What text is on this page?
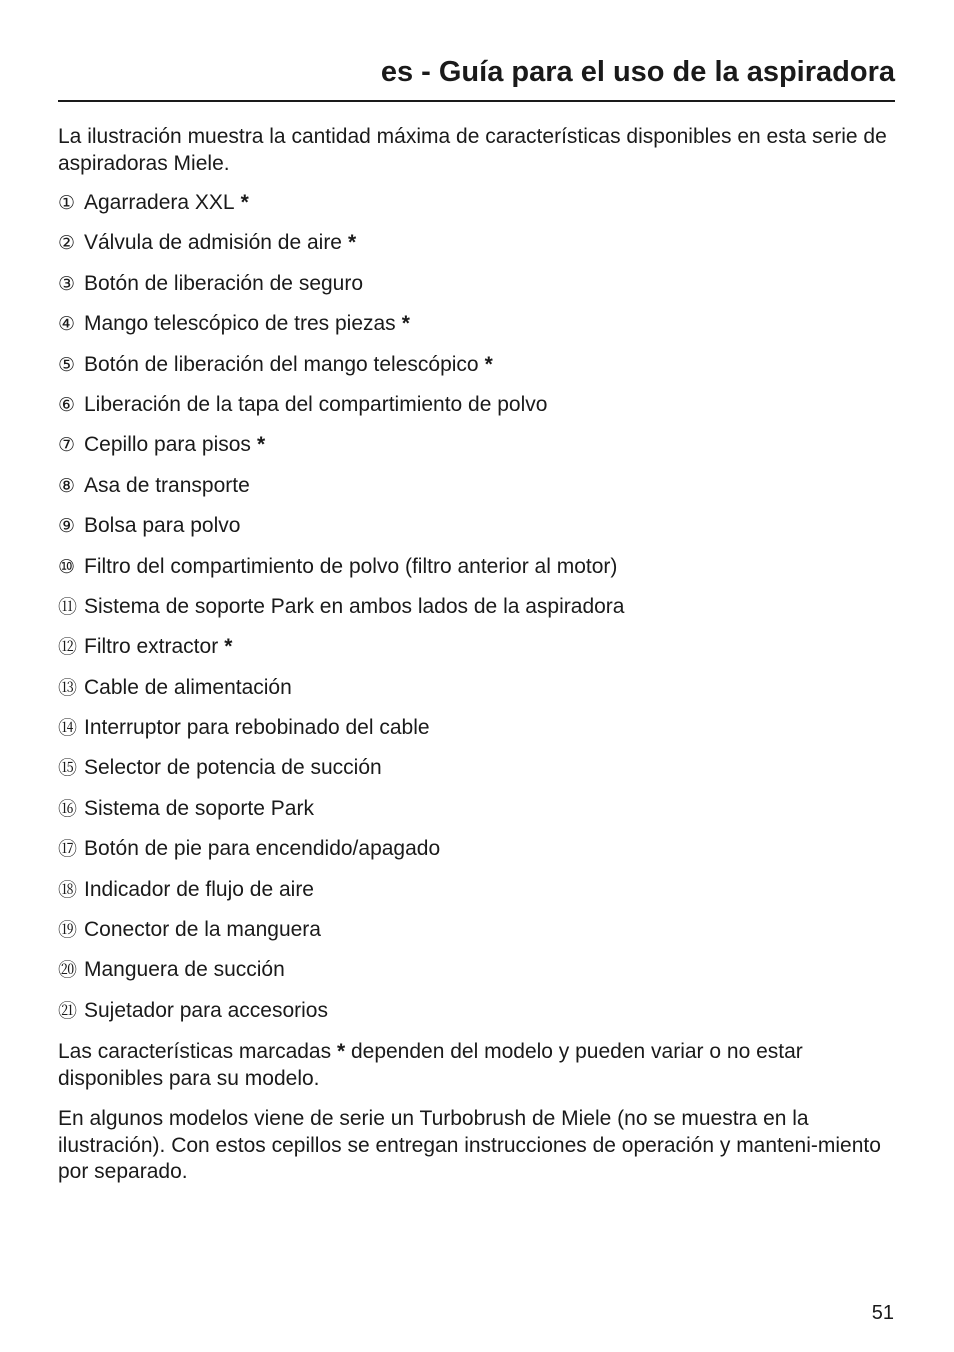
es - Guía para el uso de la aspiradora

La ilustración muestra la cantidad máxima de características disponibles en esta serie de aspiradoras Miele.

① Agarradera XXL *
② Válvula de admisión de aire *
③ Botón de liberación de seguro
④ Mango telescópico de tres piezas *
⑤ Botón de liberación del mango telescópico *
⑥ Liberación de la tapa del compartimiento de polvo
⑦ Cepillo para pisos *
⑧ Asa de transporte
⑨ Bolsa para polvo
⑩ Filtro del compartimiento de polvo (filtro anterior al motor)
⑪ Sistema de soporte Park en ambos lados de la aspiradora
⑫ Filtro extractor *
⑬ Cable de alimentación
⑭ Interruptor para rebobinado del cable
⑮ Selector de potencia de succión
⑯ Sistema de soporte Park
⑰ Botón de pie para encendido/apagado
⑱ Indicador de flujo de aire
⑲ Conector de la manguera
⑳ Manguera de succión
㉑ Sujetador para accesorios

Las características marcadas * dependen del modelo y pueden variar o no estar disponibles para su modelo.

En algunos modelos viene de serie un Turbobrush de Miele (no se muestra en la ilustración). Con estos cepillos se entregan instrucciones de operación y manteni-miento por separado.

51
